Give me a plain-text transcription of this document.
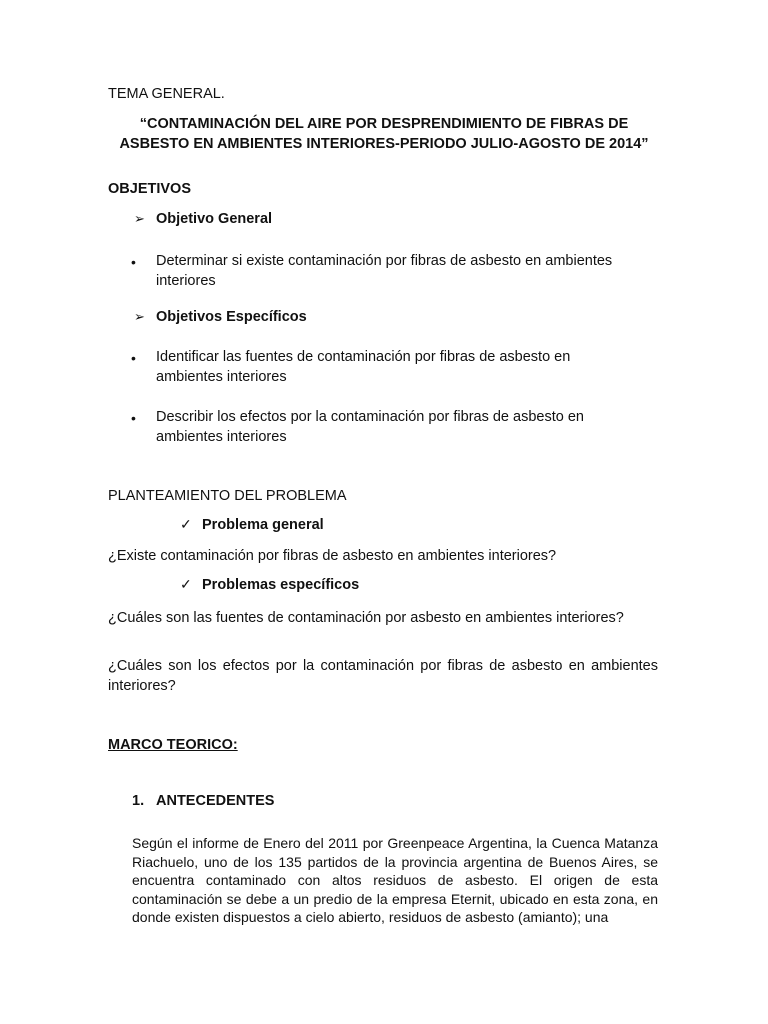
TEMA GENERAL.
“CONTAMINACIÓN DEL AIRE POR DESPRENDIMIENTO DE FIBRAS DE ASBESTO EN AMBIENTES INTERIORES-PERIODO JULIO-AGOSTO DE 2014”
OBJETIVOS
➢ Objetivo General
• Determinar si existe contaminación por fibras de asbesto en ambientes interiores
➢ Objetivos Específicos
• Identificar las fuentes de contaminación por fibras de asbesto en ambientes interiores
• Describir los efectos por la contaminación por fibras de asbesto en ambientes interiores
PLANTEAMIENTO DEL PROBLEMA
✓ Problema general
¿Existe contaminación por fibras de asbesto en ambientes interiores?
✓ Problemas específicos
¿Cuáles son las fuentes de contaminación por asbesto en ambientes interiores?
¿Cuáles son los efectos por la contaminación por fibras de asbesto en ambientes interiores?
MARCO TEORICO:
1. ANTECEDENTES
Según el informe de Enero del 2011 por Greenpeace Argentina, la Cuenca Matanza Riachuelo, uno de los 135 partidos de la provincia argentina de Buenos Aires, se encuentra contaminado con altos residuos de asbesto. El origen de esta contaminación se debe a un predio de la empresa Eternit, ubicado en esta zona, en donde existen dispuestos a cielo abierto, residuos de asbesto (amianto); una
